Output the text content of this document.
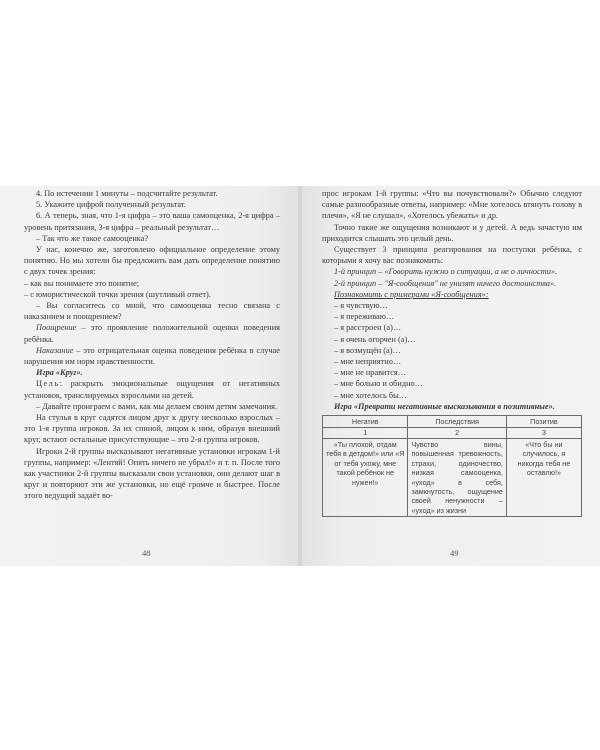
4. По истечении 1 минуты – подсчитайте результат.

5. Укажите цифрой полученный результат.

6. А теперь, зная, что 1-я цифра – это ваша самооценка, 2-я цифра – уровень притязания, 3-я цифра – реальный результат…

– Так что же такое самооценка?

У нас, конечно же, заготовлено официальное определение этому понятию. Но мы хотели бы предложить вам дать определение понятию с двух точек зрения:

– как вы понимаете это понятие;

– с юмористической точки зрения (шутливый ответ).

– Вы согласитесь со мной, что самооценка тесно связана с наказанием и поощрением?

Поощрение – это проявление положительной оценки поведения ребёнка.

Наказание – это отрицательная оценка поведения ребёнка в случае нарушения им норм нравственности.

Игра «Круг».

Цель: раскрыть эмоциональные ощущения от негативных установок, транслируемых взрослыми на детей.

– Давайте проиграем с вами, как мы делаем своим детям замечания.

На стулья в круг садятся лицом друг к другу несколько взрослых – это 1-я группа игроков. За их спиной, лицом к ним, образуя внешний круг, встают остальные присутствующие – это 2-я группа игроков.

Игроки 2-й группы высказывают негативные установки игрокам 1-й группы, например: «Лентяй! Опять ничего не убрал!» и т. п. После того как участники 2-й группы высказали свои установки, они делают шаг в круг и повторяют эти же установки, но ещё громче и быстрее. После этого ведущий задаёт во-

48

прос игрокам 1-й группы: «Что вы почувствовали?» Обычно следуют самые разнообразные ответы, например: «Мне хотелось втянуть голову в плечи», «Я не слушал», «Хотелось убежать» и др.

Точно такие же ощущения возникают и у детей. А ведь зачастую им приходится слышать это целый день.

Существует 3 принципа реагирования на поступки ребёнка, с которыми я хочу вас познакомить:

1-й принцип – «Говорить нужно о ситуации, а не о личности».

2-й принцип – "Я-сообщения" не унизят ничего достоинства».

Познакомить с примерами «Я-сообщения»:

– я чувствую…

– я переживаю…

– я расстроен (а)…

– я очень огорчен (а)…

– я возмущён (а)…

– мне неприятно…

– мне не нравится…

– мне больно и обидно…

– мне хотелось бы…

Игра «Преврати негативные высказывания в позитивные».

Негатив	Последствия	Позитив
1	2	3
«Ты плохой, отдам тебя в детдом!» или «Я от тебя ухожу, мне такой ребёнок не нужен!»	Чувство вины, повышенная тревожность, страхи, одиночество, низкая самооценка, «уход» в себя, замкнутость, ощущение своей ненужности – «уход» из жизни	«Что бы ни случилось, я никогда тебя не оставлю!»
49
